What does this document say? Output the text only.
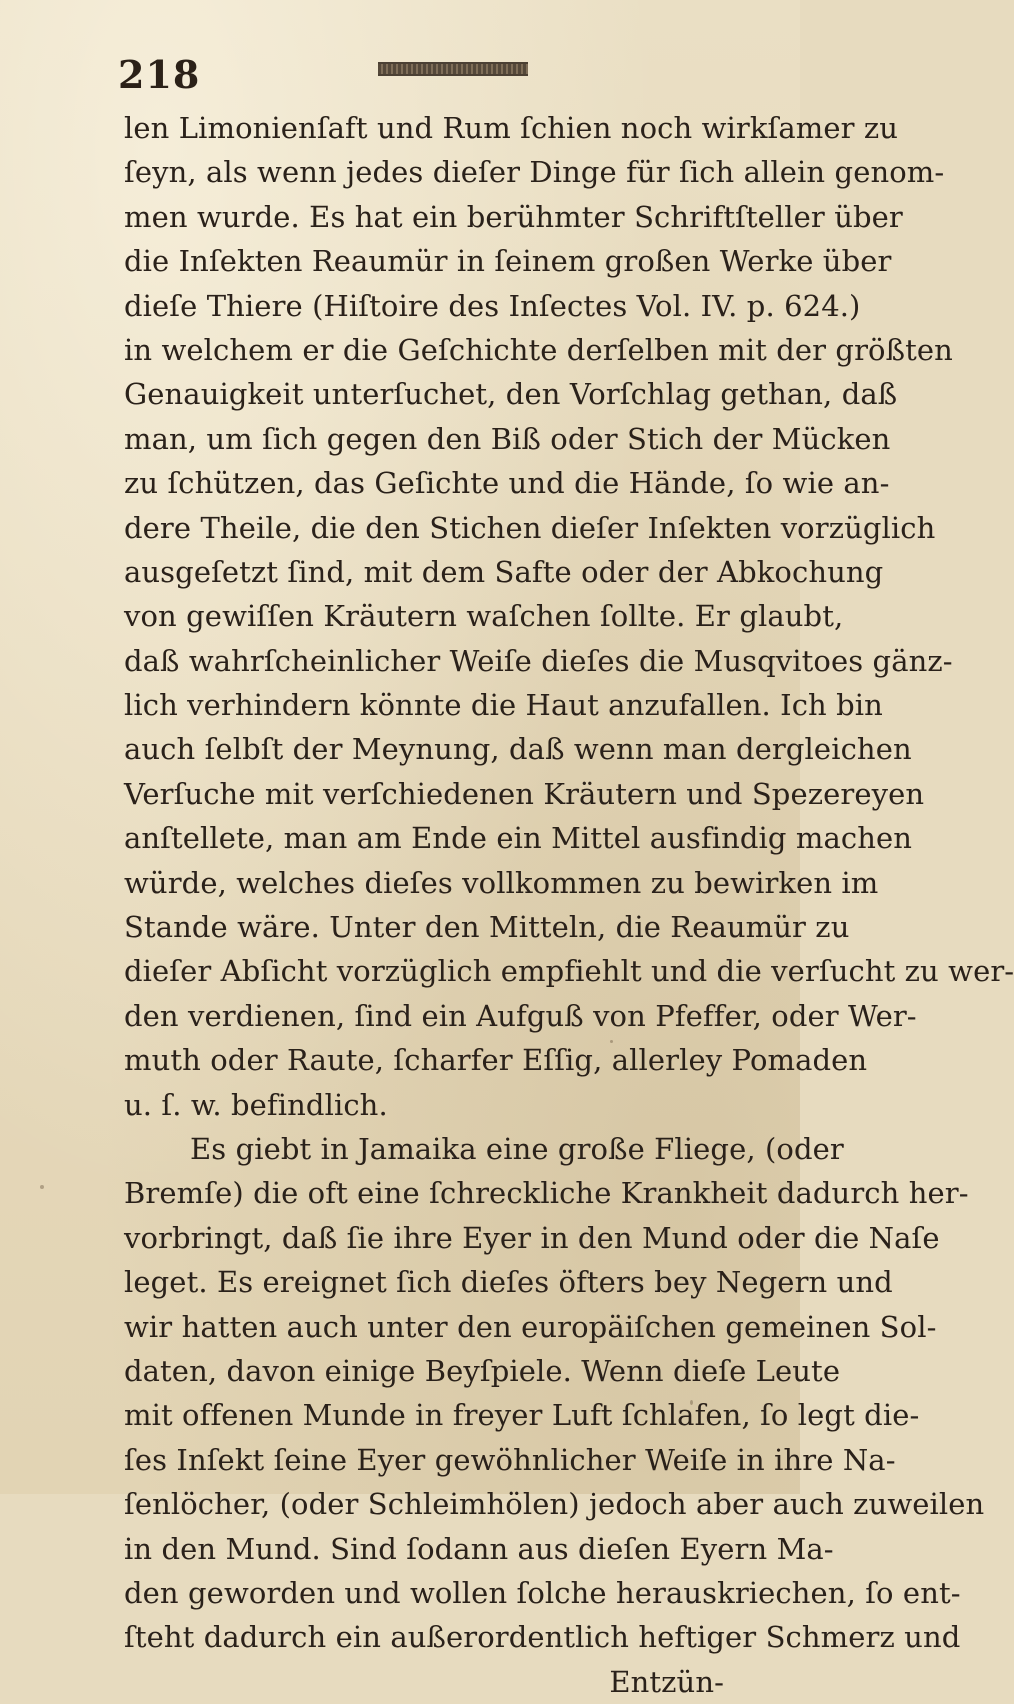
218
len Limonienſaft und Rum ſchien noch wirkſamer zu
ſeyn, als wenn jedes dieſer Dinge für ſich allein genom-
men wurde. Es hat ein berühmter Schriftſteller über
die Inſekten Reaumür in ſeinem großen Werke über
dieſe Thiere (Hiſtoire des Inſectes Vol. IV. p. 624.)
in welchem er die Geſchichte derſelben mit der größten
Genauigkeit unterſuchet, den Vorſchlag gethan, daß
man, um ſich gegen den Biß oder Stich der Mücken
zu ſchützen, das Geſichte und die Hände, ſo wie an-
dere Theile, die den Stichen dieſer Inſekten vorzüglich
ausgeſetzt ſind, mit dem Safte oder der Abkochung
von gewiſſen Kräutern waſchen ſollte. Er glaubt,
daß wahrſcheinlicher Weiſe dieſes die Musqvitoes gänz-
lich verhindern könnte die Haut anzufallen. Ich bin
auch ſelbſt der Meynung, daß wenn man dergleichen
Verſuche mit verſchiedenen Kräutern und Spezereyen
anſtellete, man am Ende ein Mittel ausfindig machen
würde, welches dieſes vollkommen zu bewirken im
Stande wäre. Unter den Mitteln, die Reaumür zu
dieſer Abſicht vorzüglich empfiehlt und die verſucht zu wer-
den verdienen, ſind ein Aufguß von Pfeffer, oder Wer-
muth oder Raute, ſcharfer Eſſig, allerley Pomaden
u. ſ. w. befindlich.
Es giebt in Jamaika eine große Fliege, (oder
Bremſe) die oft eine ſchreckliche Krankheit dadurch her-
vorbringt, daß ſie ihre Eyer in den Mund oder die Naſe
leget. Es ereignet ſich dieſes öfters bey Negern und
wir hatten auch unter den europäiſchen gemeinen Sol-
daten, davon einige Beyſpiele. Wenn dieſe Leute
mit offenen Munde in freyer Luft ſchlafen, ſo legt die-
ſes Inſekt ſeine Eyer gewöhnlicher Weiſe in ihre Na-
ſenlöcher, (oder Schleimhölen) jedoch aber auch zuweilen
in den Mund. Sind ſodann aus dieſen Eyern Ma-
den geworden und wollen ſolche herauskriechen, ſo ent-
ſteht dadurch ein außerordentlich heftiger Schmerz und
Entzün-
